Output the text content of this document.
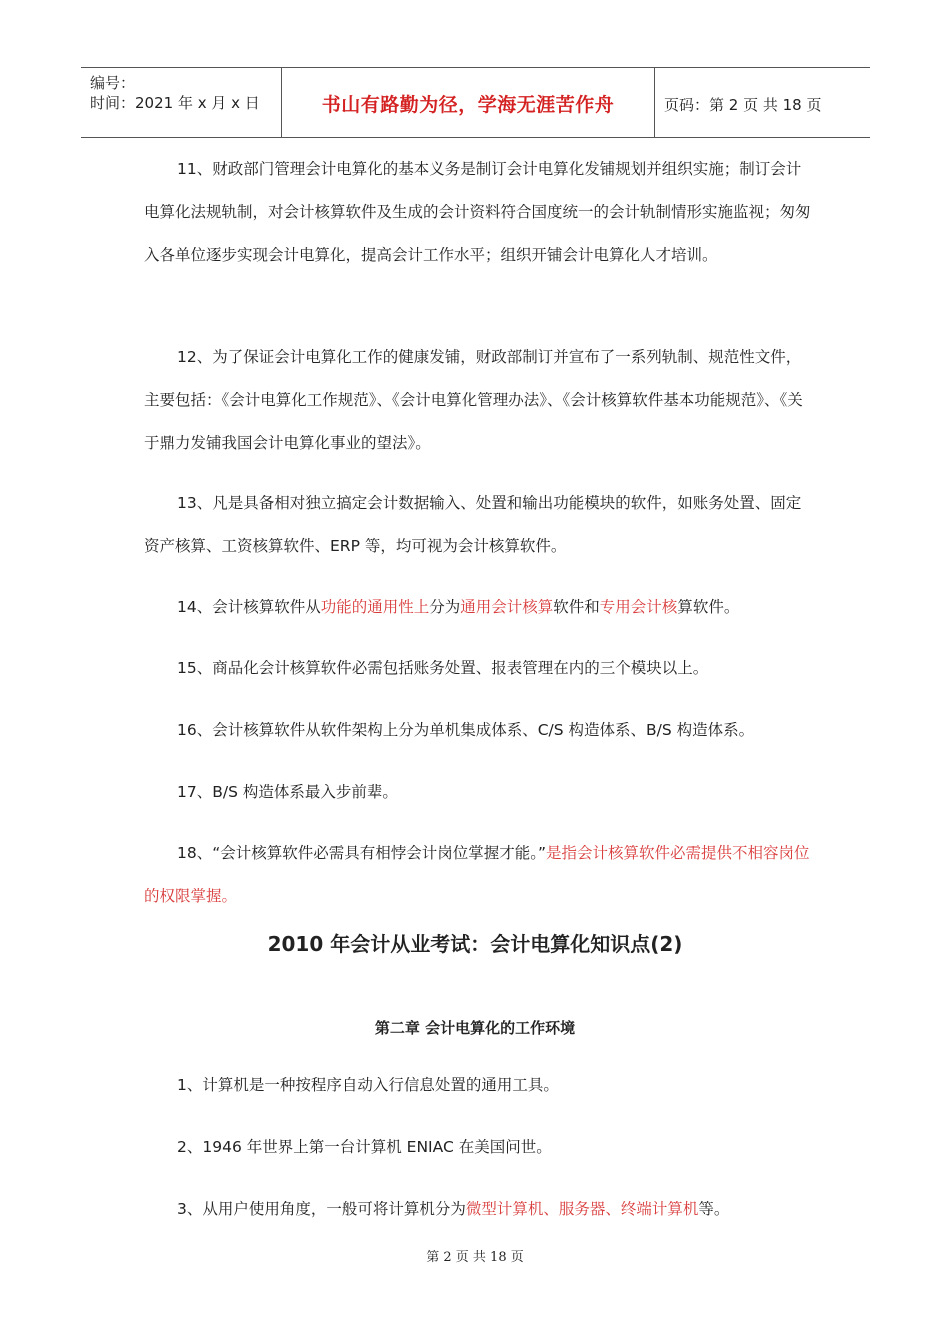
编号：
时间：2021 年 x 月 x 日	书山有路勤为径，学海无涯苦作舟	页码：第 2 页 共 18 页
11、财政部门管理会计电算化的基本义务是制订会计电算化发铺规划并组织实施；制订会计电算化法规轨制，对会计核算软件及生成的会计资料符合国度统一的会计轨制情形实施监视；匆匆入各单位逐步实现会计电算化，提高会计工作水平；组织开铺会计电算化人才培训。
12、为了保证会计电算化工作的健康发铺，财政部制订并宣布了一系列轨制、规范性文件，主要包括：《会计电算化工作规范》、《会计电算化管理办法》、《会计核算软件基本功能规范》、《关于鼎力发铺我国会计电算化事业的望法》。
13、凡是具备相对独立搞定会计数据输入、处置和输出功能模块的软件，如账务处置、固定资产核算、工资核算软件、ERP 等，均可视为会计核算软件。
14、会计核算软件从功能的通用性上分为通用会计核算软件和专用会计核算软件。
15、商品化会计核算软件必需包括账务处置、报表管理在内的三个模块以上。
16、会计核算软件从软件架构上分为单机集成体系、C/S 构造体系、B/S 构造体系。
17、B/S 构造体系最入步前辈。
18、“会计核算软件必需具有相悖会计岗位掌握才能。”是指会计核算软件必需提供不相容岗位的权限掌握。
2010 年会计从业考试：会计电算化知识点(2)
第二章 会计电算化的工作环境
1、计算机是一种按程序自动入行信息处置的通用工具。
2、1946 年世界上第一台计算机 ENIAC 在美国问世。
3、从用户使用角度，一般可将计算机分为微型计算机、服务器、终端计算机等。
第 2 页 共 18 页
